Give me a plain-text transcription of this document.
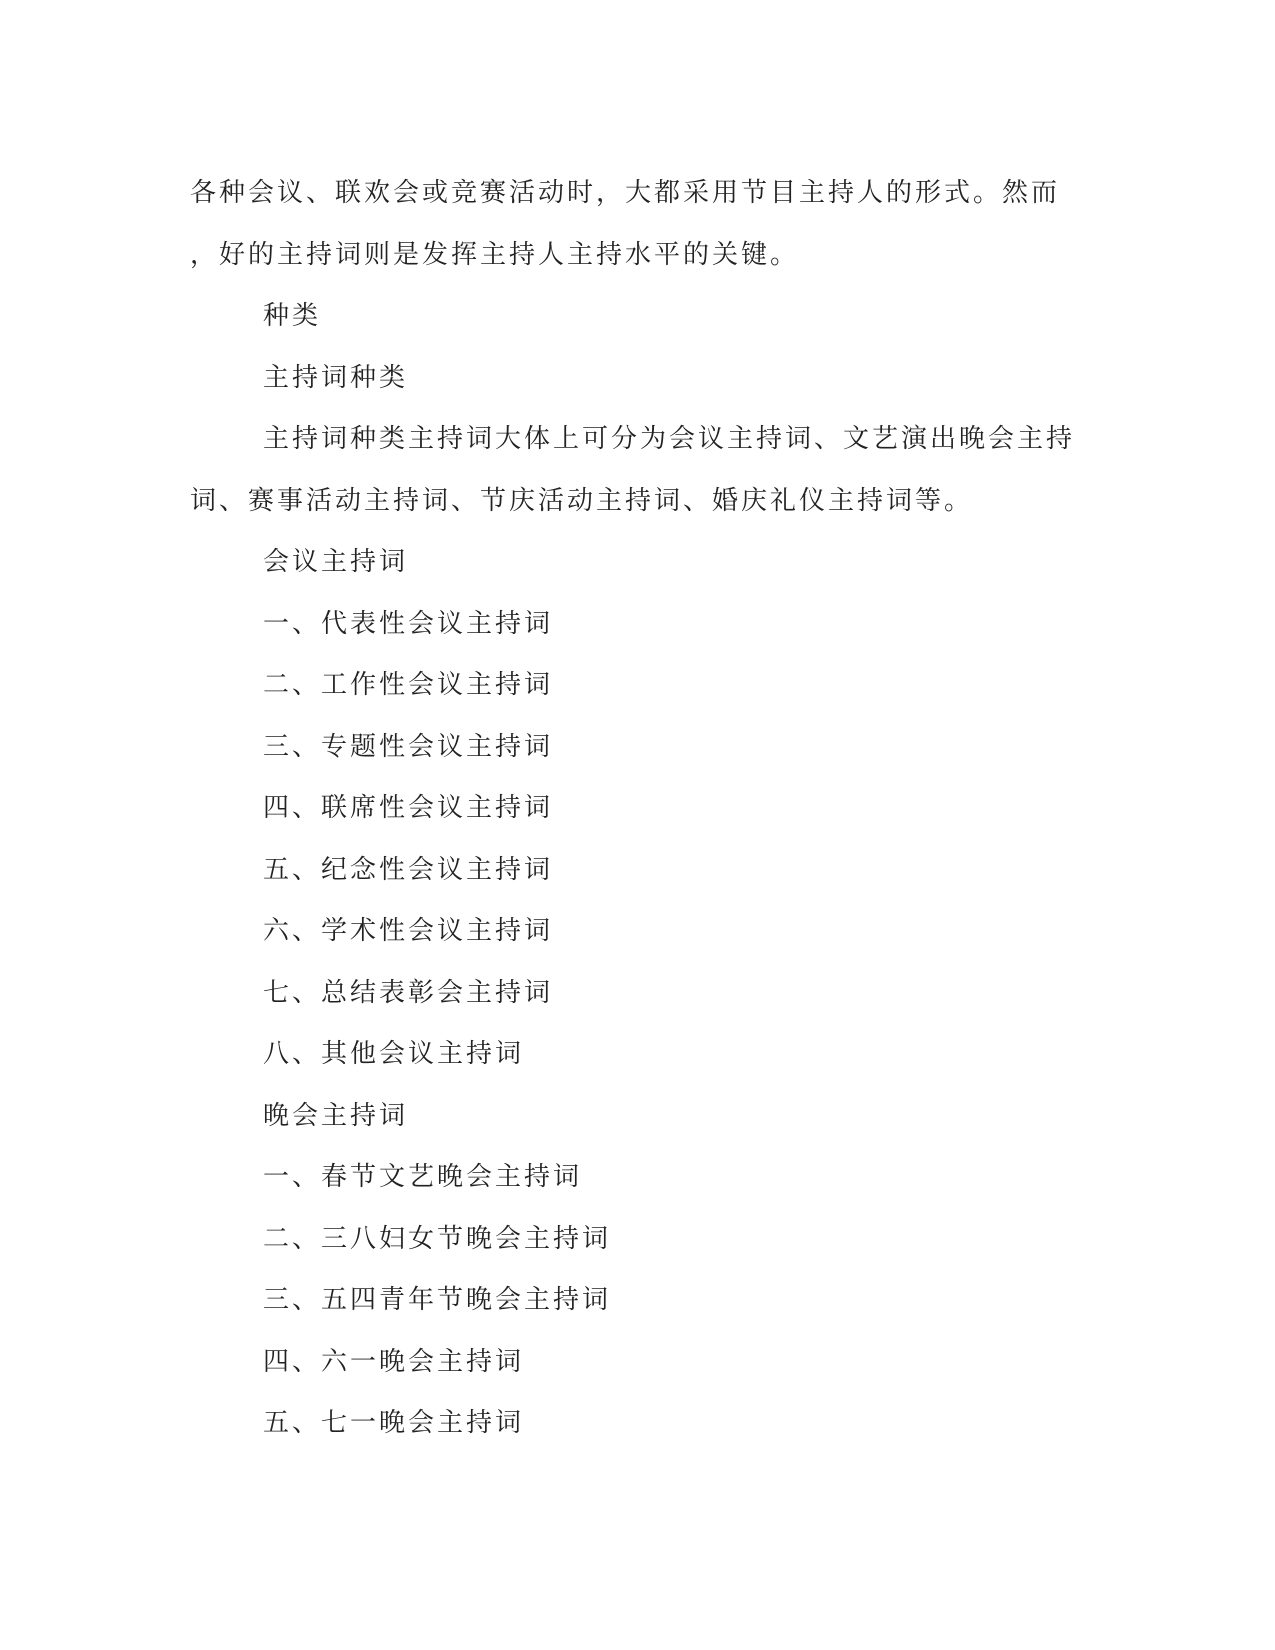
各种会议、联欢会或竞赛活动时，大都采用节目主持人的形式。然而
，好的主持词则是发挥主持人主持水平的关键。
种类
主持词种类
主持词种类主持词大体上可分为会议主持词、文艺演出晚会主持
词、赛事活动主持词、节庆活动主持词、婚庆礼仪主持词等。
会议主持词
一、代表性会议主持词
二、工作性会议主持词
三、专题性会议主持词
四、联席性会议主持词
五、纪念性会议主持词
六、学术性会议主持词
七、总结表彰会主持词
八、其他会议主持词
晚会主持词
一、春节文艺晚会主持词
二、三八妇女节晚会主持词
三、五四青年节晚会主持词
四、六一晚会主持词
五、七一晚会主持词
